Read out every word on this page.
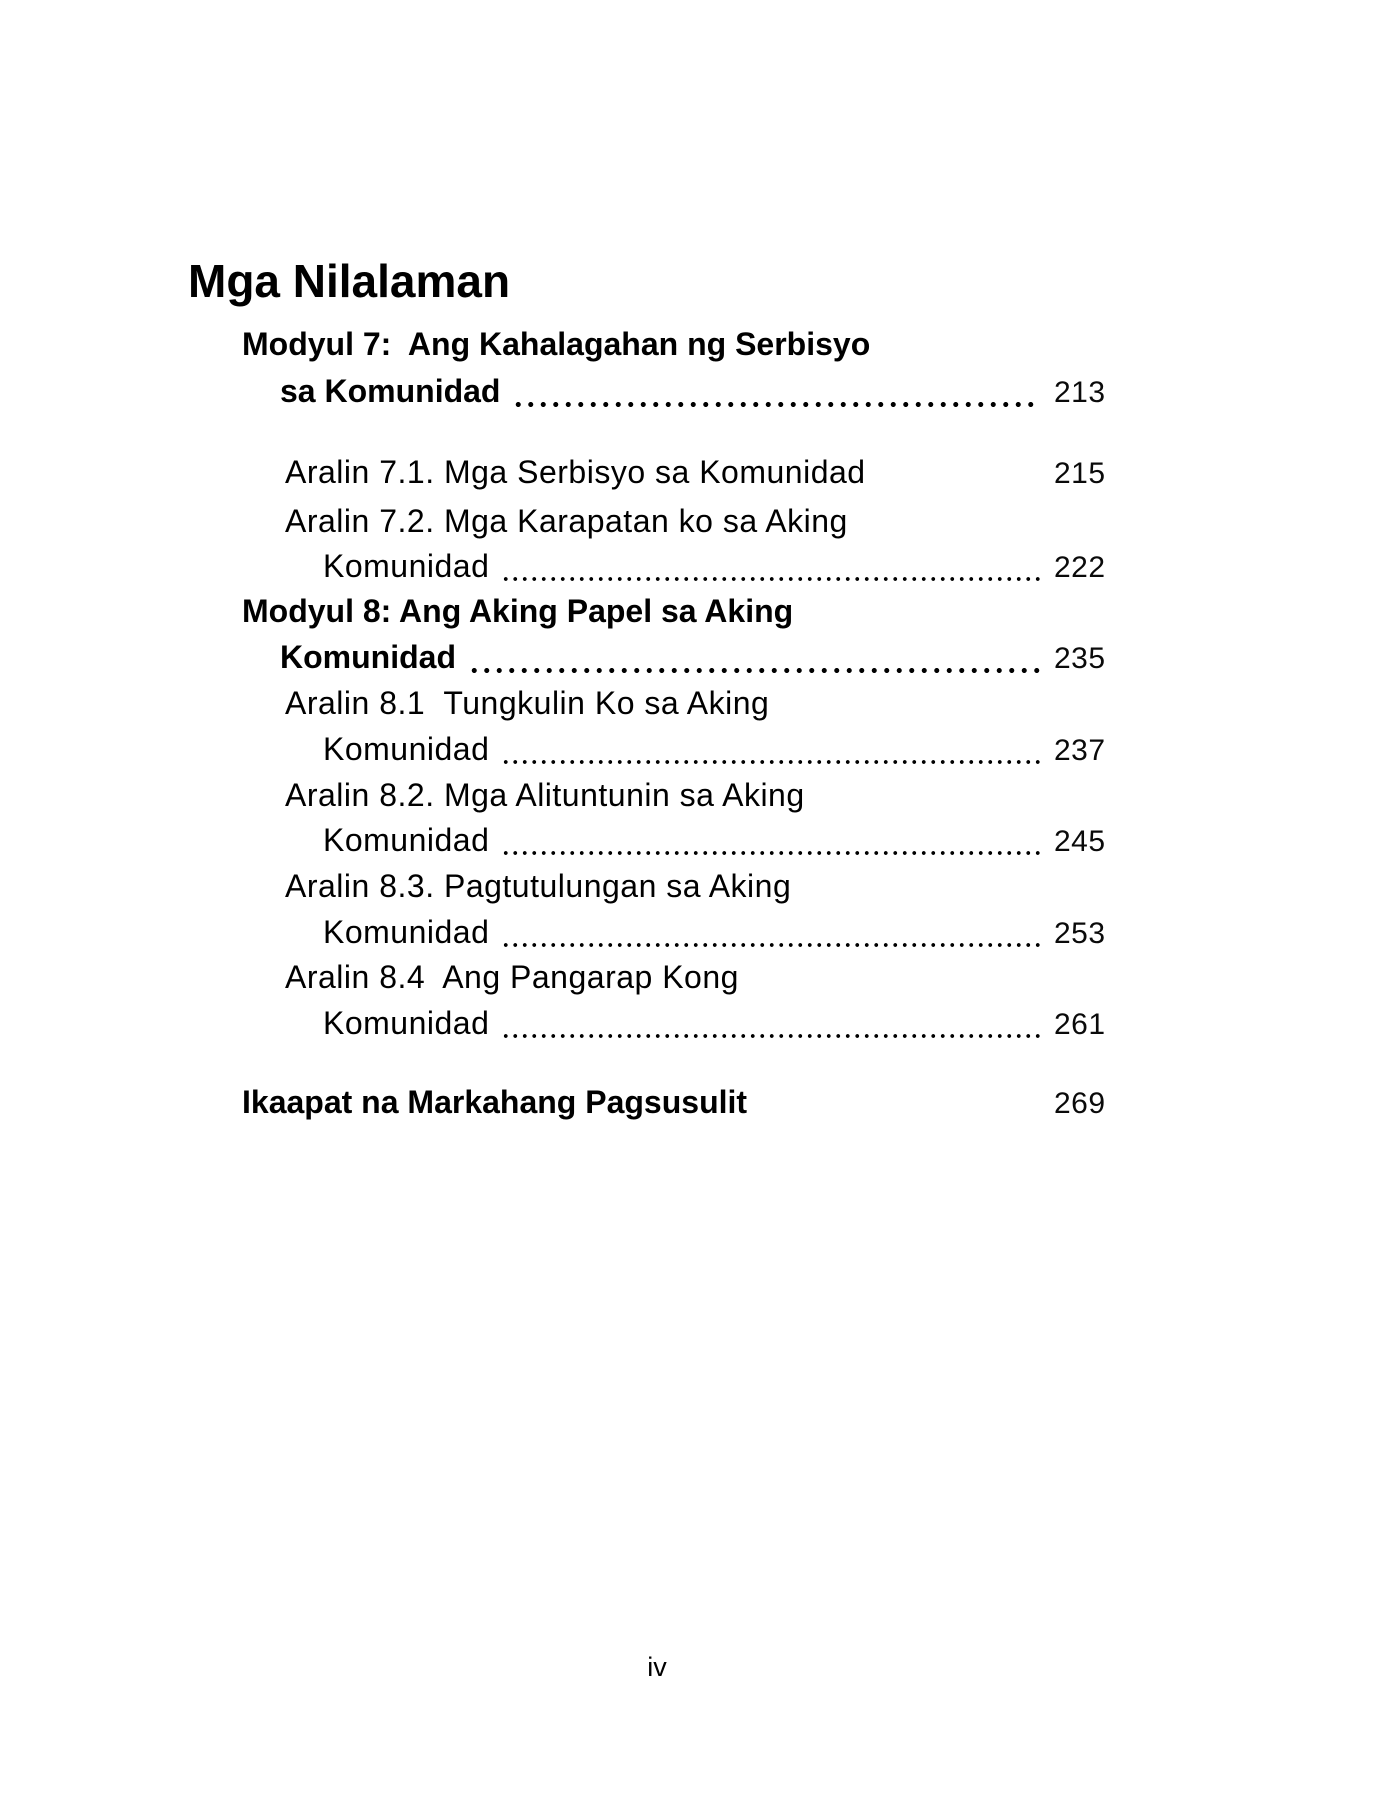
Mga Nilalaman
Modyul 7:  Ang Kahalagahan ng Serbisyo
sa Komunidad	213
Aralin 7.1. Mga Serbisyo sa Komunidad	215
Aralin 7.2. Mga Karapatan ko sa Aking
Komunidad	222
Modyul 8: Ang Aking Papel sa Aking
Komunidad	235
Aralin 8.1  Tungkulin Ko sa Aking
Komunidad	237
Aralin 8.2. Mga Alituntunin sa Aking
Komunidad	245
Aralin 8.3. Pagtutulungan sa Aking
Komunidad	253
Aralin 8.4  Ang Pangarap Kong
Komunidad	261
Ikaapat na Markahang Pagsusulit	269
iv
